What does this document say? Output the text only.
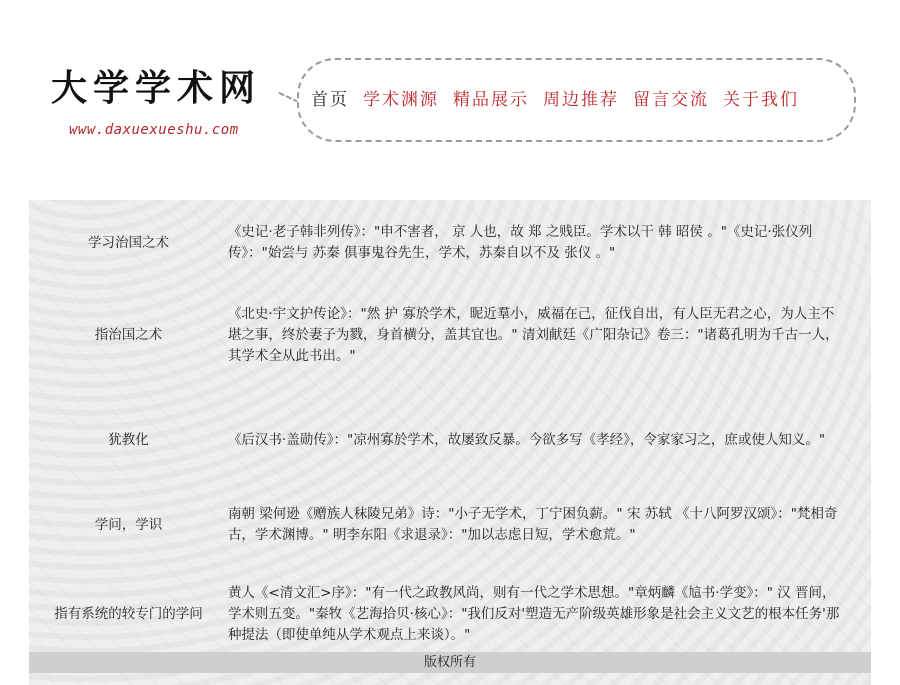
大学学术网
www.daxuexueshu.com
首页 学术渊源 精品展示 周边推荐 留言交流 关于我们
学习治国之术	《史记·老子韩非列传》："申不害者， 京 人也，故 郑 之贱臣。学术以干 韩 昭侯 。"《史记·张仪列传》："始尝与 苏秦 俱事鬼谷先生，学术，苏秦自以不及 张仪 。"
指治国之术	《北史·宇文护传论》："然 护 寡於学术，昵近羣小，威福在己，征伐自出，有人臣无君之心，为人主不堪之事，终於妻子为戮，身首横分，盖其宜也。" 清刘献廷《广阳杂记》卷三："诸葛孔明为千古一人，其学术全从此书出。"
犹教化	《后汉书·盖勋传》："凉州寡於学术，故屡致反暴。今欲多写《孝经》，令家家习之，庶或使人知义。"
学问，学识	南朝 梁何逊《赠族人秣陵兄弟》诗："小子无学术，丁宁困负薪。" 宋 苏轼 《十八阿罗汉颂》："梵相奇古，学术渊博。" 明李东阳《求退录》："加以志虑日短，学术愈荒。"
指有系统的较专门的学问	黄人《<清文汇>序》："有一代之政教风尚，则有一代之学术思想。"章炳麟《訄书·学变》：" 汉 晋间，学术则五变。"秦牧《艺海拾贝·核心》："我们反对'塑造无产阶级英雄形象是社会主义文艺的根本任务'那种提法（即使单纯从学术观点上来谈）。"
版权所有
